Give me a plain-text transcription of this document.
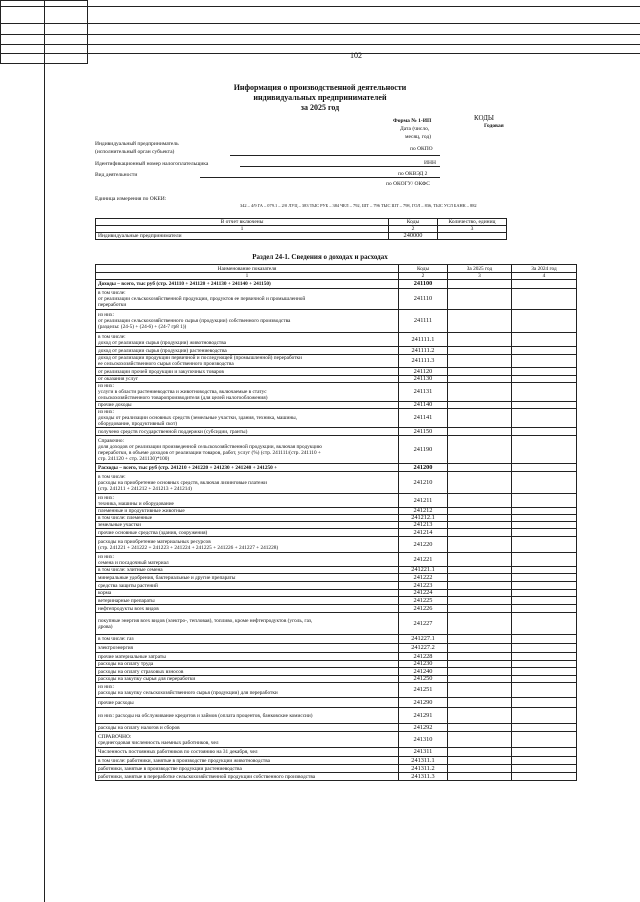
102
Информация о производственной деятельности
индивидуальных предпринимателей
за 2025 год
КОДЫ
Годовая
Форма № 1-ИП
Дата (число,
месяц, год)
по ОКПО
ИНН
по ОКВЭД 2
по ОКОГУ/ ОКФС
Индивидуальный предприниматель
(исполнительный орган субъекта)
Идентификационный номер налогоплательщика
Вид деятельности
Единица измерения по ОКЕИ:
342 – 4/9 ГА – 079.1 – 2/0 ЛУЦ – 383 ТЫС РУБ – 384 ЧЕЛ – 792, ШТ – 796 ТЫС ШТ – 798, ГОЛ – 836, ТЫС УСЛ БАНК – 882
В отчет включены	Коды	Количество, единиц	
1	2	3	
Индивидуальные предприниматели	240000		
Раздел 24-1. Сведения о доходах и расходах
Наименование показателя	Коды	За 2025 год	За 2024 год
1	2	3	4
Доходы – всего, тыс руб (стр. 241110 + 241120 + 241130 + 241140 + 241150)	241100		
в том числе:
от реализации сельскохозяйственной продукции, продуктов ее первичной и промышленной
переработки	241110		
из них:
от реализации сельскохозяйственного сырья (продукции) собственного производства
(разделы: (24-5) + (24-6) + (24-7 гр8 1))	241111		
в том числе:
доход от реализации сырья (продукции) животноводства	241111.1		
доход от реализации сырья (продукции) растениеводства	241111.2		
доход от реализации продукции первичной и последующей (промышленной) переработки
ее сельскохозяйственного сырья собственного производства	241111.3		
от реализации прочей продукции и закупочных товаров	241120		
от оказания услуг	241130		
из них:
услуги в области растениеводства и животноводства, включаемые в статус
сельскохозяйственного товаропроизводителя (для целей налогообложения)	241131		
прочие доходы	241140		
из них:
доходы от реализации основных средств (земельные участки, здания, техника, машины,
оборудование, продуктивный скот)	241141		
получено средств государственной поддержки (субсидии, гранты)	241150		
Справочно:
доля доходов от реализации произведенной сельскохозяйственной продукции, включая продукцию
переработки, в объеме доходов от реализации товаров, работ, услуг (%) (стр. 241111/(стр. 241110 +
стр. 241120 + стр. 241130)*100)	241190		
Расходы – всего, тыс руб (стр. 241210 + 241220 + 241230 + 241240 + 241250 +	241200		
в том числе:
расходы на приобретение основных средств, включая лизинговые платежи
(стр. 241211 + 241212 + 241213 + 241214)	241210		
из них:
техника, машины и оборудование	241211		
племенные и продуктивные животные	241212		
в том числе: племенные	241212.1		
земельные участки	241213		
прочие основные средства (здания, сооружения)	241214		
расходы на приобретение материальных ресурсов
(стр. 241221 + 241222 + 241223 + 241224 + 241225 + 241226 + 241227 + 241228)	241220		
из них:
семена и посадочный материал	241221		
в том числе: элитные семена	241221.1		
минеральные удобрения, бактериальные и другие препараты	241222		
средства защиты растений	241223		
корма	241224		
ветеринарные препараты	241225		
нефтепродукты всех видов	241226		
покупные энергия всех видов (электро-, тепловая), топливо, кроме нефтепродуктов (уголь, газ,
дрова)	241227		
в том числе: газ	241227.1		
электроэнергия	241227.2		
прочие материальные затраты	241228		
расходы на оплату труда	241230		
расходы на оплату страховых взносов	241240		
расходы на закупку сырья для переработки	241250		
из них:
расходы на закупку сельскохозяйственного сырья (продукции) для переработки	241251		
прочие расходы	241290		
из них: расходы на обслуживание кредитов и займов (оплата процентов, банковские комиссии)	241291		
расходы на оплату налогов и сборов	241292		
СПРАВОЧНО:
среднегодовая численность наемных работников, чел	241310		
Численность постоянных работников по состоянию на 31 декабря, чел	241311		
в том числе: работники, занятые в производстве продукции животноводства	241311.1		
работники, занятые в производстве продукции растениеводства	241311.2		
работники, занятые в переработке сельскохозяйственной продукции собственного производства	241311.3		
